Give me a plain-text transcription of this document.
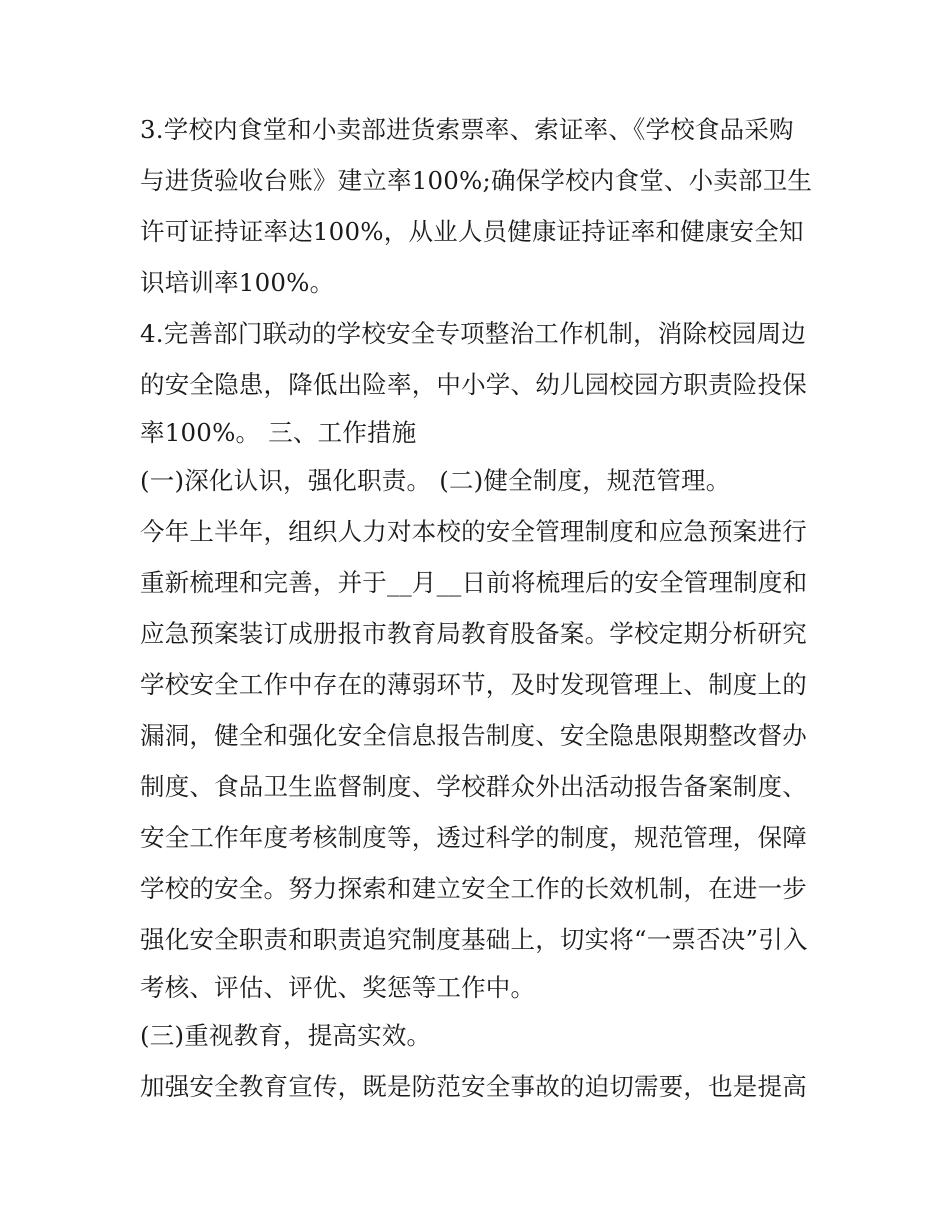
3.学校内食堂和小卖部进货索票率、索证率、《学校食品采购
与进货验收台账》建立率100%;确保学校内食堂、小卖部卫生
许可证持证率达100%，从业人员健康证持证率和健康安全知
识培训率100%。
4.完善部门联动的学校安全专项整治工作机制，消除校园周边
的安全隐患，降低出险率，中小学、幼儿园校园方职责险投保
率100%。 三、工作措施
(一)深化认识，强化职责。 (二)健全制度，规范管理。
今年上半年，组织人力对本校的安全管理制度和应急预案进行
重新梳理和完善，并于__月__日前将梳理后的安全管理制度和
应急预案装订成册报市教育局教育股备案。学校定期分析研究
学校安全工作中存在的薄弱环节，及时发现管理上、制度上的
漏洞，健全和强化安全信息报告制度、安全隐患限期整改督办
制度、食品卫生监督制度、学校群众外出活动报告备案制度、
安全工作年度考核制度等，透过科学的制度，规范管理，保障
学校的安全。努力探索和建立安全工作的长效机制，在进一步
强化安全职责和职责追究制度基础上，切实将“一票否决”引入
考核、评估、评优、奖惩等工作中。
(三)重视教育，提高实效。
加强安全教育宣传，既是防范安全事故的迫切需要，也是提高
